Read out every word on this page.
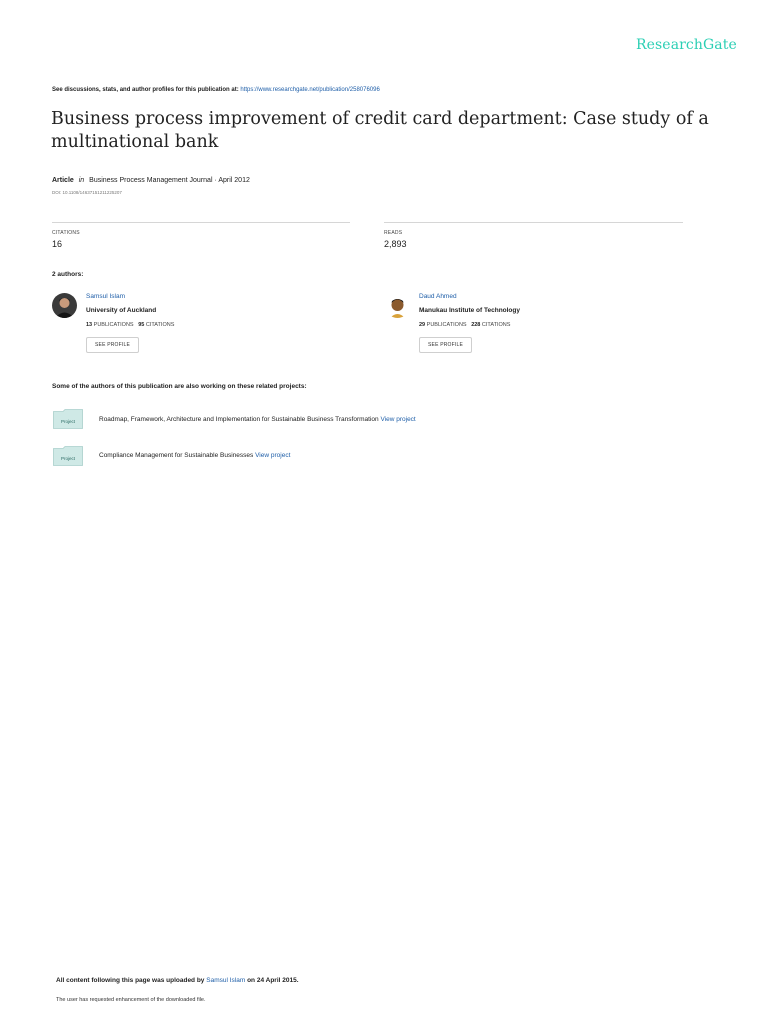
ResearchGate
See discussions, stats, and author profiles for this publication at: https://www.researchgate.net/publication/258076096
Business process improvement of credit card department: Case study of a multinational bank
Article in Business Process Management Journal · April 2012
DOI: 10.1108/14637151211225207
CITATIONS
16
READS
2,893
2 authors:
Samsul Islam
University of Auckland
13 PUBLICATIONS 95 CITATIONS
SEE PROFILE
Daud Ahmed
Manukau Institute of Technology
29 PUBLICATIONS 228 CITATIONS
SEE PROFILE
Some of the authors of this publication are also working on these related projects:
Project	Roadmap, Framework, Architecture and Implementation for Sustainable Business Transformation View project
Project	Compliance Management for Sustainable Businesses View project
All content following this page was uploaded by Samsul Islam on 24 April 2015.
The user has requested enhancement of the downloaded file.
